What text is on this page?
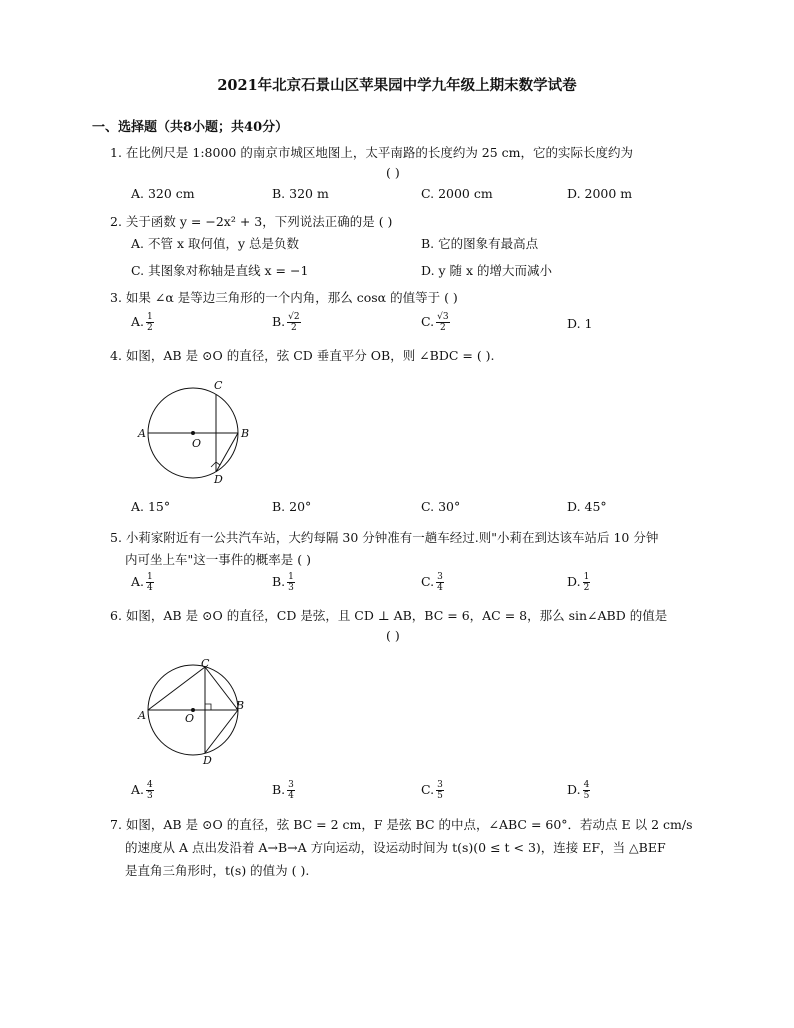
2021年北京石景山区苹果园中学九年级上期末数学试卷
一、选择题（共8小题；共40分）
1. 在比例尺是 1:8000 的南京市城区地图上，太平南路的长度约为 25 cm，它的实际长度约为
( )
A. 320 cm	B. 320 m	C. 2000 cm	D. 2000 m
2. 关于函数 y = −2x² + 3，下列说法正确的是 ( )
A. 不管 x 取何值，y 总是负数	B. 它的图象有最高点
C. 其图象对称轴是直线 x = −1	D. y 随 x 的增大而减小
3. 如果 ∠α 是等边三角形的一个内角，那么 cosα 的值等于 ( )
A. $\frac{1}{2}$	B. $\frac{√2}{2}$	C. $\frac{√3}{2}$	D. 1
4. 如图，AB 是 ⊙O 的直径，弦 CD 垂直平分 OB，则 ∠BDC = ( ).
A	B
C
D
O
A. 15°	B. 20°	C. 30°	D. 45°
5. 小莉家附近有一公共汽车站，大约每隔 30 分钟准有一趟车经过.则"小莉在到达该车站后 10 分钟
内可坐上车"这一事件的概率是 ( )
A. $\frac{1}{4}$	B. $\frac{1}{3}$	C. $\frac{3}{4}$	D. $\frac{1}{2}$
6. 如图，AB 是 ⊙O 的直径，CD 是弦，且 CD ⊥ AB，BC = 6，AC = 8，那么 sin∠ABD 的值是
( )
A
B
C
D
O
A. $\frac{4}{3}$	B. $\frac{3}{4}$	C. $\frac{3}{5}$	D. $\frac{4}{5}$
7. 如图，AB 是 ⊙O 的直径，弦 BC = 2 cm，F 是弦 BC 的中点，∠ABC = 60°．若动点 E 以 2 cm/s
的速度从 A 点出发沿着 A→B→A 方向运动，设运动时间为 t(s)(0 ≤ t < 3)，连接 EF，当 △BEF
是直角三角形时，t(s) 的值为 ( ).
